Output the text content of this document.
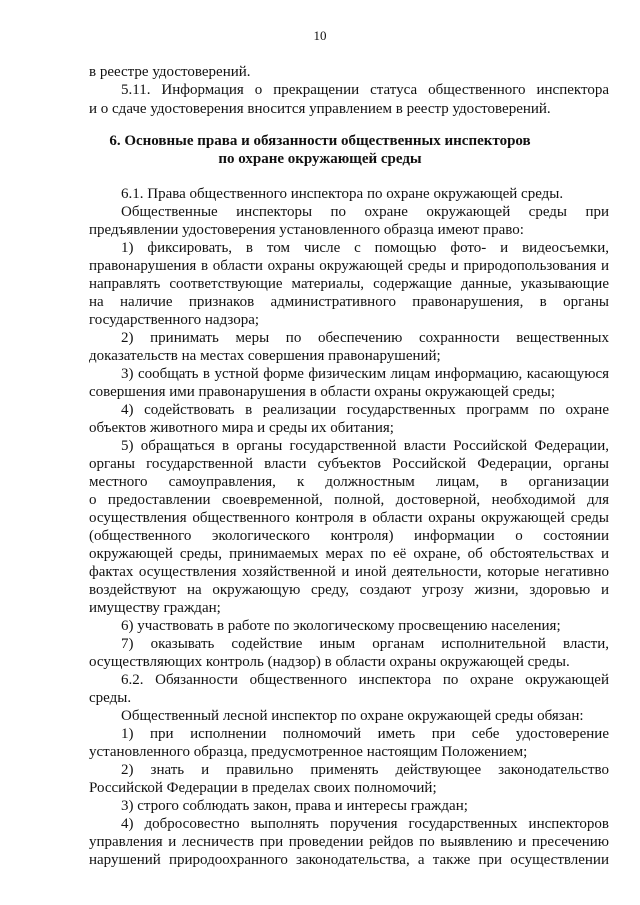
10
в реестре удостоверений.
5.11. Информация о прекращении статуса общественного инспектора
и о сдаче удостоверения вносится управлением в реестр удостоверений.
6. Основные права и обязанности общественных инспекторов
по охране окружающей среды
6.1. Права общественного инспектора по охране окружающей среды.
Общественные инспекторы по охране окружающей среды при
предъявлении удостоверения установленного образца имеют право:
1) фиксировать, в том числе с помощью фото- и видеосъемки,
правонарушения в области охраны окружающей среды и природопользования и
направлять соответствующие материалы, содержащие данные, указывающие
на наличие признаков административного правонарушения, в органы
государственного надзора;
2) принимать меры по обеспечению сохранности вещественных
доказательств на местах совершения правонарушений;
3) сообщать в устной форме физическим лицам информацию, касающуюся
совершения ими правонарушения в области охраны окружающей среды;
4) содействовать в реализации государственных программ по охране
объектов животного мира и среды их обитания;
5) обращаться в органы государственной власти Российской Федерации,
органы государственной власти субъектов Российской Федерации, органы
местного самоуправления, к должностным лицам, в организации
о предоставлении своевременной, полной, достоверной, необходимой для
осуществления общественного контроля в области охраны окружающей среды
(общественного экологического контроля) информации о состоянии
окружающей среды, принимаемых мерах по её охране, об обстоятельствах и
фактах осуществления хозяйственной и иной деятельности, которые негативно
воздействуют на окружающую среду, создают угрозу жизни, здоровью и
имуществу граждан;
6) участвовать в работе по экологическому просвещению населения;
7) оказывать содействие иным органам исполнительной власти,
осуществляющих контроль (надзор) в области охраны окружающей среды.
6.2. Обязанности общественного инспектора по охране окружающей
среды.
Общественный лесной инспектор по охране окружающей среды обязан:
1) при исполнении полномочий иметь при себе удостоверение
установленного образца, предусмотренное настоящим Положением;
2) знать и правильно применять действующее законодательство
Российской Федерации в пределах своих полномочий;
3) строго соблюдать закон, права и интересы граждан;
4) добросовестно выполнять поручения государственных инспекторов
управления и лесничеств при проведении рейдов по выявлению и пресечению
нарушений природоохранного законодательства, а также при осуществлении
